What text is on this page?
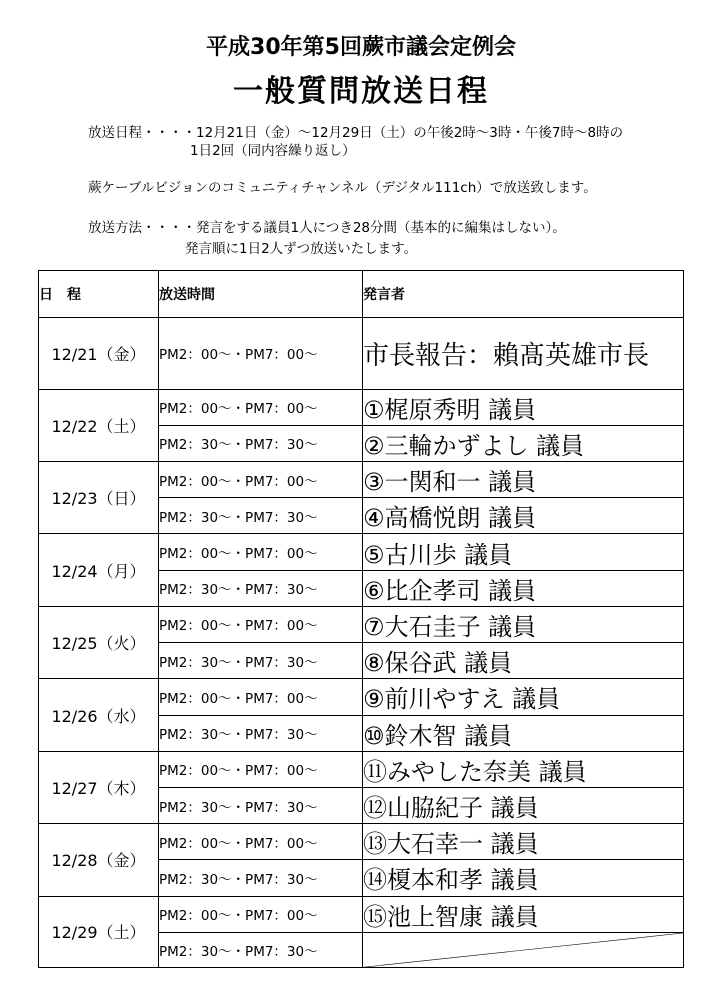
平成30年第5回蕨市議会定例会
一般質問放送日程
放送日程・・・・12月21日（金）～12月29日（土）の午後2時～3時・午後7時～8時の
1日2回（同内容繰り返し）
蕨ケーブルビジョンのコミュニティチャンネル（デジタル111ch）で放送致します。
放送方法・・・・発言をする議員1人につき28分間（基本的に編集はしない）。
発言順に1日2人ずつ放送いたします。
日　程	放送時間	発言者
12/21（金）	PM2：00～・PM7：00～	市長報告：賴髙英雄市長
12/22（土）	PM2：00～・PM7：00～	①梶原秀明 議員
	PM2：30～・PM7：30～	②三輪かずよし 議員
12/23（日）	PM2：00～・PM7：00～	③一関和一 議員
	PM2：30～・PM7：30～	④高橋悦朗 議員
12/24（月）	PM2：00～・PM7：00～	⑤古川歩 議員
	PM2：30～・PM7：30～	⑥比企孝司 議員
12/25（火）	PM2：00～・PM7：00～	⑦大石圭子 議員
	PM2：30～・PM7：30～	⑧保谷武 議員
12/26（水）	PM2：00～・PM7：00～	⑨前川やすえ 議員
	PM2：30～・PM7：30～	⑩鈴木智 議員
12/27（木）	PM2：00～・PM7：00～	⑪みやした奈美 議員
	PM2：30～・PM7：30～	⑫山脇紀子 議員
12/28（金）	PM2：00～・PM7：00～	⑬大石幸一 議員
	PM2：30～・PM7：30～	⑭榎本和孝 議員
12/29（土）	PM2：00～・PM7：00～	⑮池上智康 議員
	PM2：30～・PM7：30～	
